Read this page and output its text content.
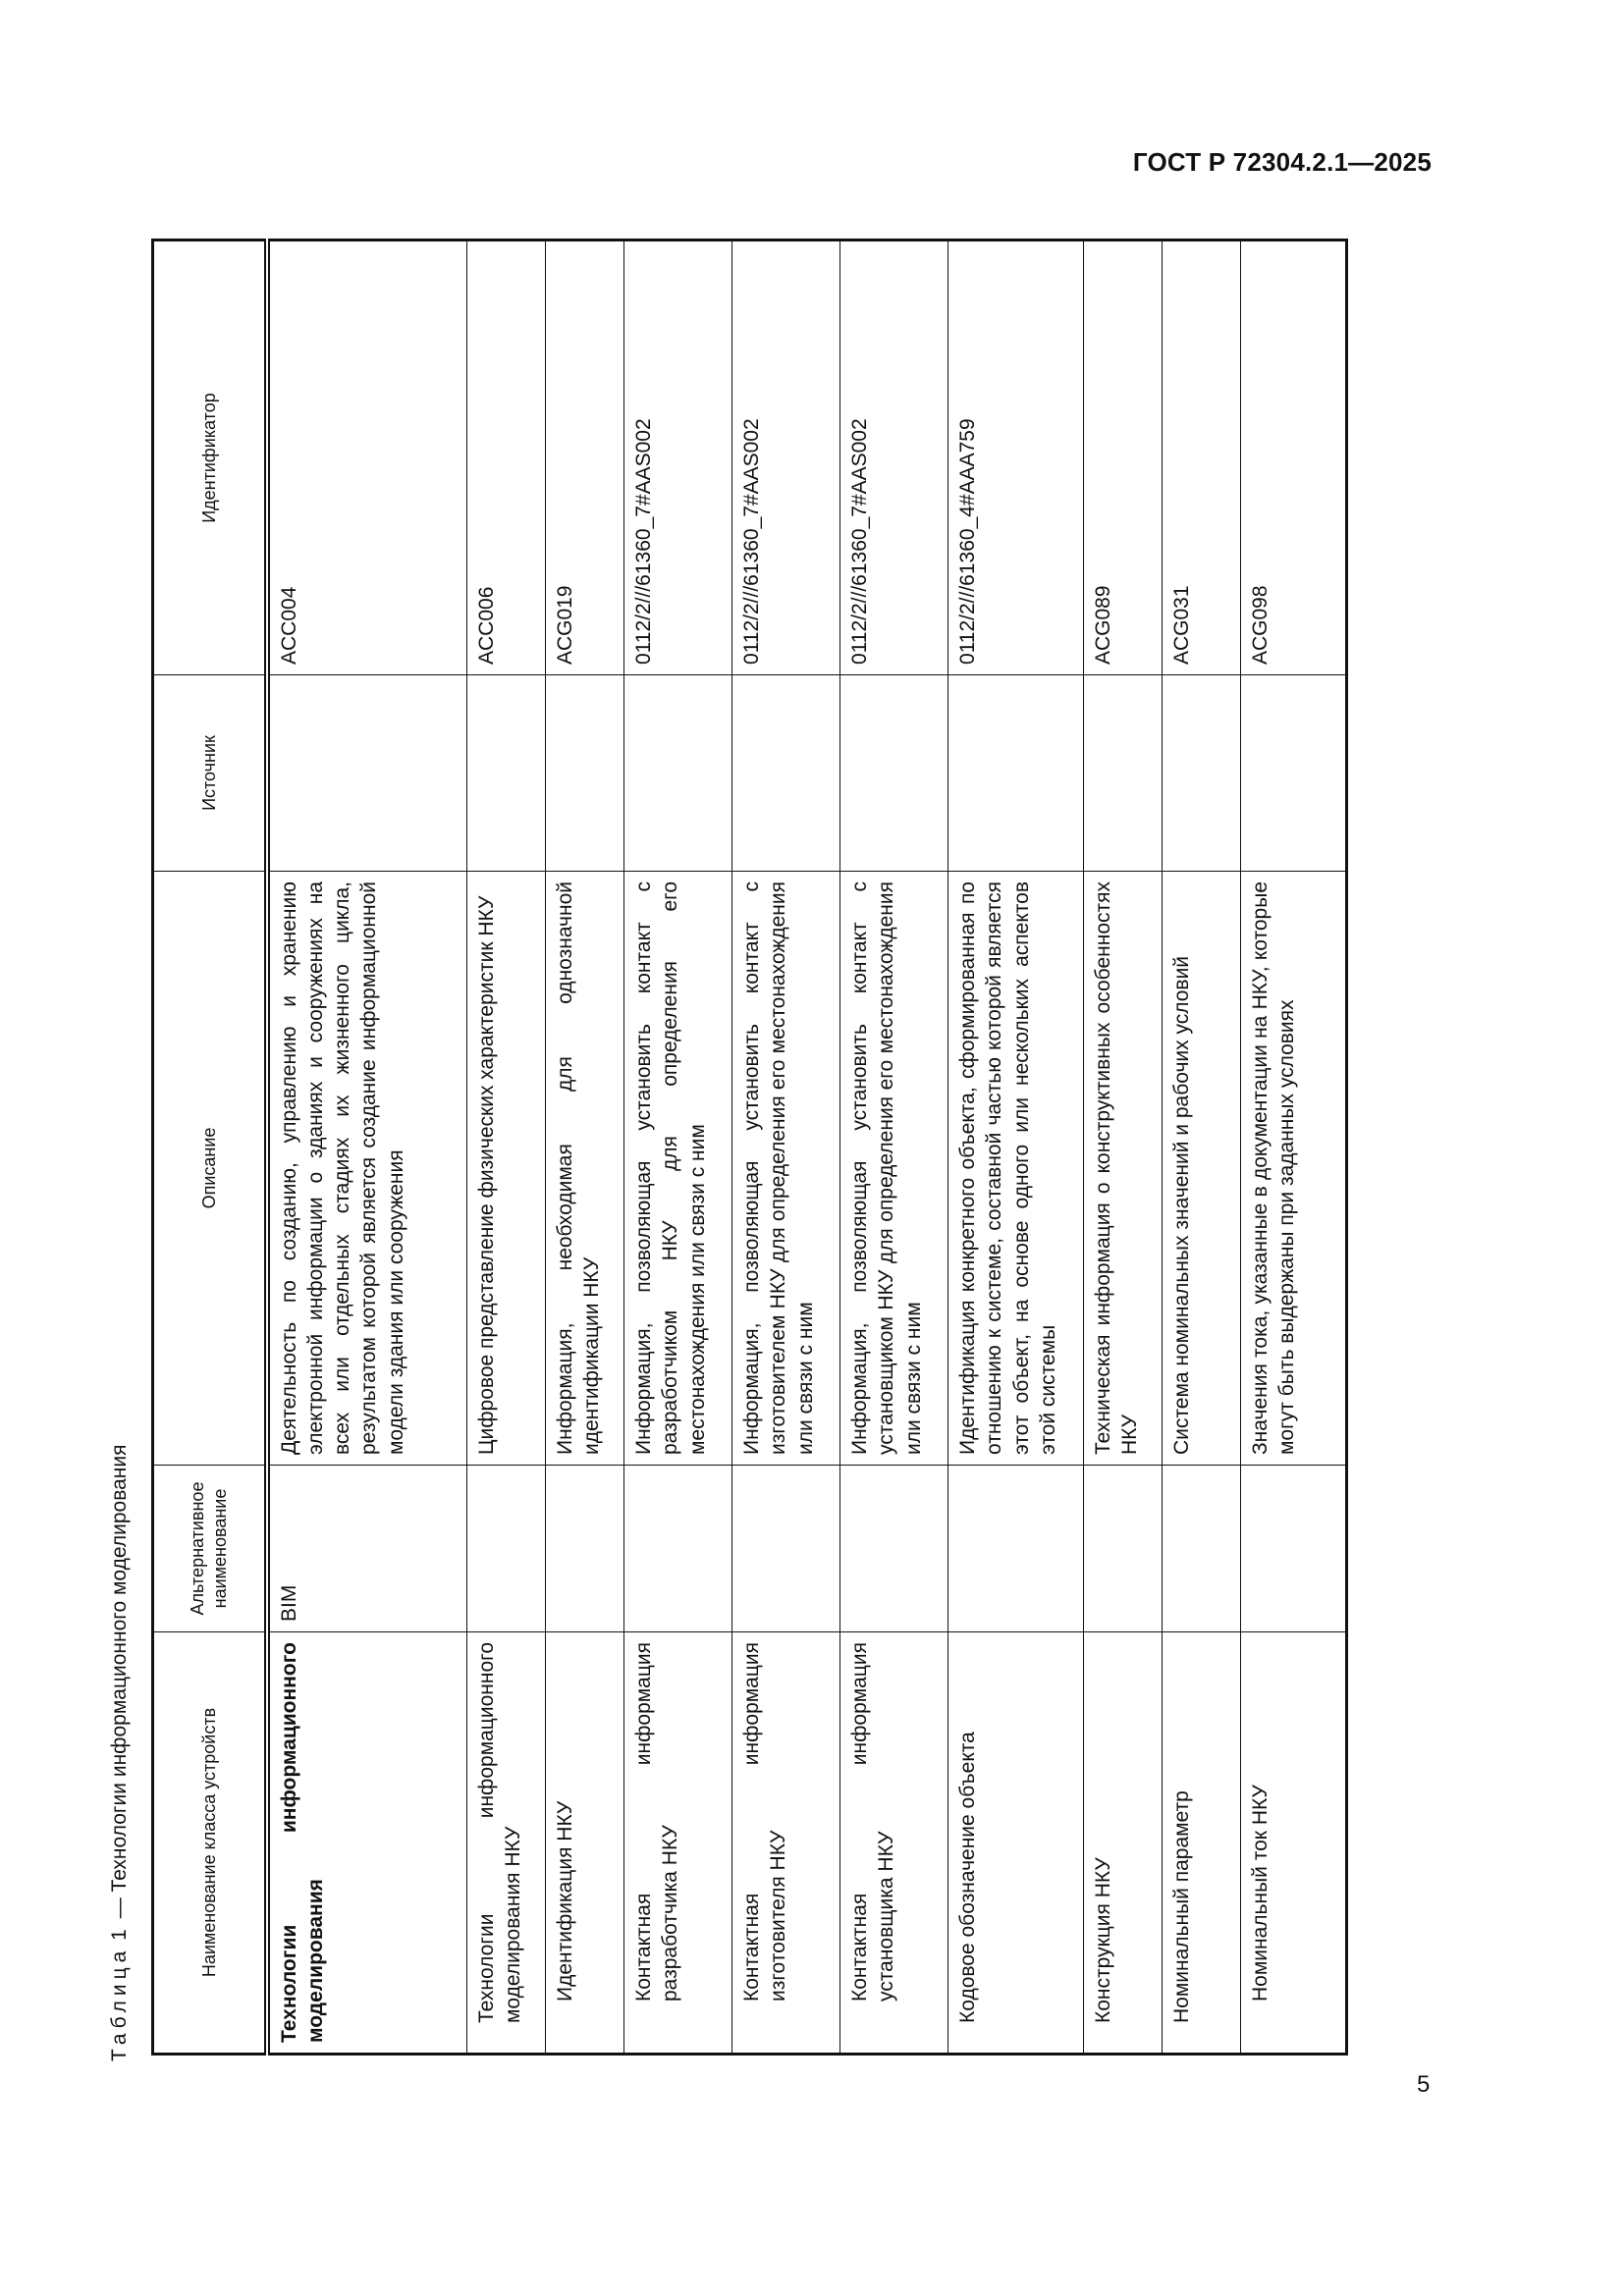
ГОСТ Р 72304.2.1—2025
Таблица 1 — Технологии информационного моделирования	Наименование класса устройств	Альтернативное наименование	Описание	Источник	Идентификатор
Технологии информационного моделирования	BIM	Деятельность по созданию, управлению и хранению электронной информации о зданиях и сооружениях на всех или отдельных стадиях их жизненного цикла, результатом которой является создание информационной модели здания или сооружения		ACC004
Технологии информационного моделирования НКУ		Цифровое представление физических характеристик НКУ		ACC006
Идентификация НКУ		Информация, необходимая для однозначной идентификации НКУ		ACG019
Контактная информация разработчика НКУ		Информация, позволяющая установить контакт с разработчиком НКУ для определения его местонахождения или связи с ним		0112/2///61360_7#AAS002
Контактная информация изготовителя НКУ		Информация, позволяющая установить контакт с изготовителем НКУ для определения его местонахождения или связи с ним		0112/2///61360_7#AAS002
Контактная информация установщика НКУ		Информация, позволяющая установить контакт с установщиком НКУ для определения его местонахождения или связи с ним		0112/2///61360_7#AAS002
Кодовое обозначение объекта		Идентификация конкретного объекта, сформированная по отношению к системе, составной частью которой является этот объект, на основе одного или нескольких аспектов этой системы		0112/2///61360_4#AAA759
Конструкция НКУ		Техническая информация о конструктивных особенностях НКУ		ACG089
Номинальный параметр		Система номинальных значений и рабочих условий		ACG031
Номинальный ток НКУ		Значения тока, указанные в документации на НКУ, которые могут быть выдержаны при заданных условиях		ACG098
5
